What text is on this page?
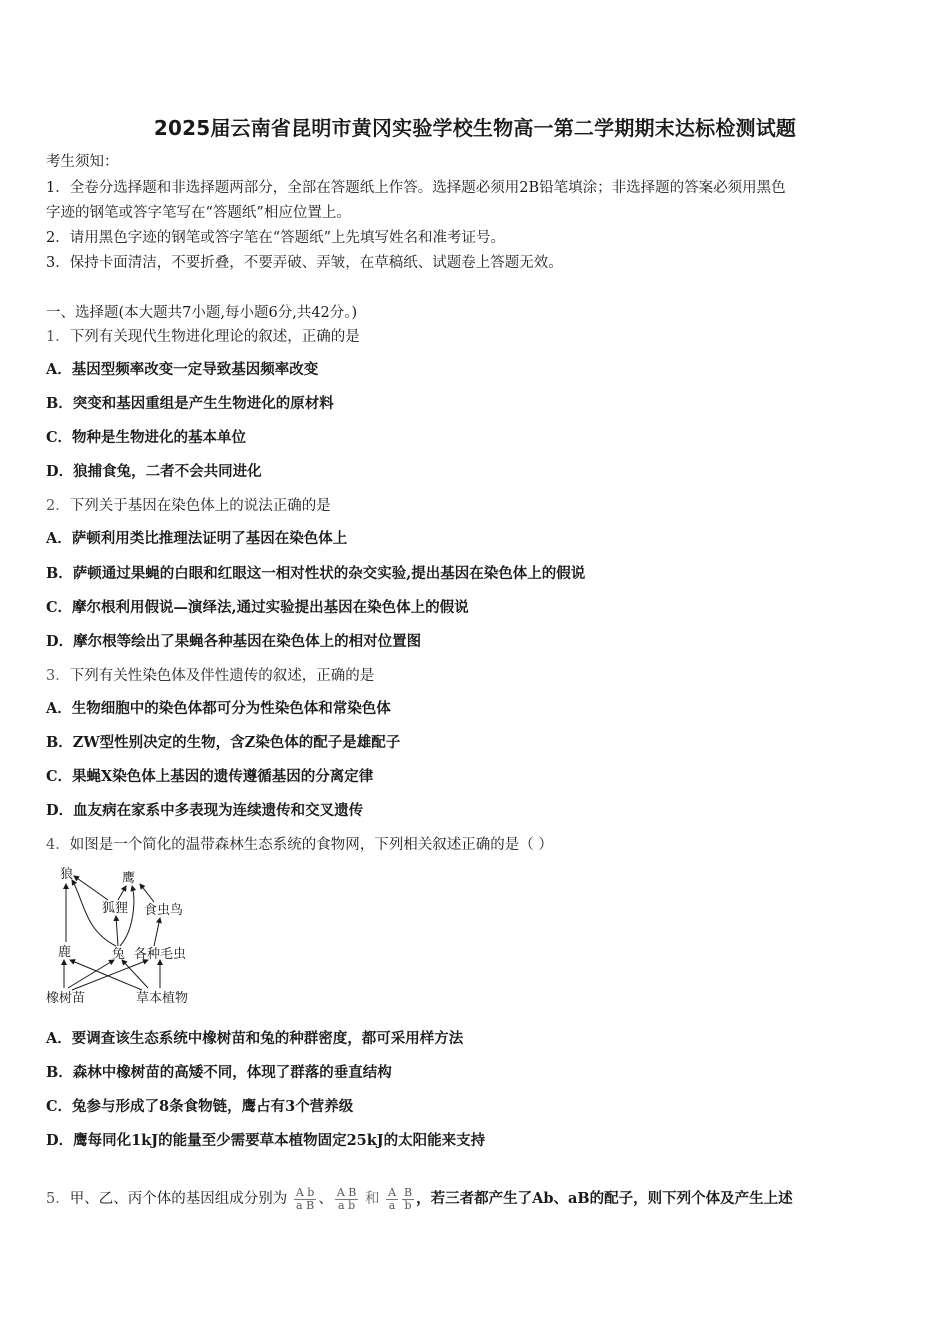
2025届云南省昆明市黄冈实验学校生物高一第二学期期末达标检测试题
考生须知：
1．全卷分选择题和非选择题两部分，全部在答题纸上作答。选择题必须用2B铅笔填涂；非选择题的答案必须用黑色
字迹的钢笔或答字笔写在“答题纸”相应位置上。
2．请用黑色字迹的钢笔或答字笔在“答题纸”上先填写姓名和准考证号。
3．保持卡面清洁，不要折叠，不要弄破、弄皱，在草稿纸、试题卷上答题无效。
一、选择题(本大题共7小题,每小题6分,共42分。)
1．下列有关现代生物进化理论的叙述，正确的是
A．基因型频率改变一定导致基因频率改变
B．突变和基因重组是产生生物进化的原材料
C．物种是生物进化的基本单位
D．狼捕食兔，二者不会共同进化
2．下列关于基因在染色体上的说法正确的是
A．萨顿利用类比推理法证明了基因在染色体上
B．萨顿通过果蝇的白眼和红眼这一相对性状的杂交实验,提出基因在染色体上的假说
C．摩尔根利用假说—演绎法,通过实验提出基因在染色体上的假说
D．摩尔根等绘出了果蝇各种基因在染色体上的相对位置图
3．下列有关性染色体及伴性遗传的叙述，正确的是
A．生物细胞中的染色体都可分为性染色体和常染色体
B．ZW型性别决定的生物，含Z染色体的配子是雄配子
C．果蝇X染色体上基因的遗传遵循基因的分离定律
D．血友病在家系中多表现为连续遗传和交叉遗传
4．如图是一个简化的温带森林生态系统的食物网，下列相关叙述正确的是（ ）
狼	鹰
狐狸 食虫鸟
鹿	兔 各种毛虫
橡树苗	草本植物
A．要调查该生态系统中橡树苗和兔的种群密度，都可采用样方法
B．森林中橡树苗的高矮不同，体现了群落的垂直结构
C．兔参与形成了8条食物链，鹰占有3个营养级
D．鹰每同化1kJ的能量至少需要草本植物固定25kJ的太阳能来支持
5．甲、乙、丙个体的基因组成分别为 $\frac{\text{A b}}{\text{a B}}$ 、 $\frac{\text{A B}}{\text{a b}}$ 和 $\frac{A}{a} \frac{B}{b}$ ，若三者都产生了Ab、aB的配子，则下列个体及产生上述
